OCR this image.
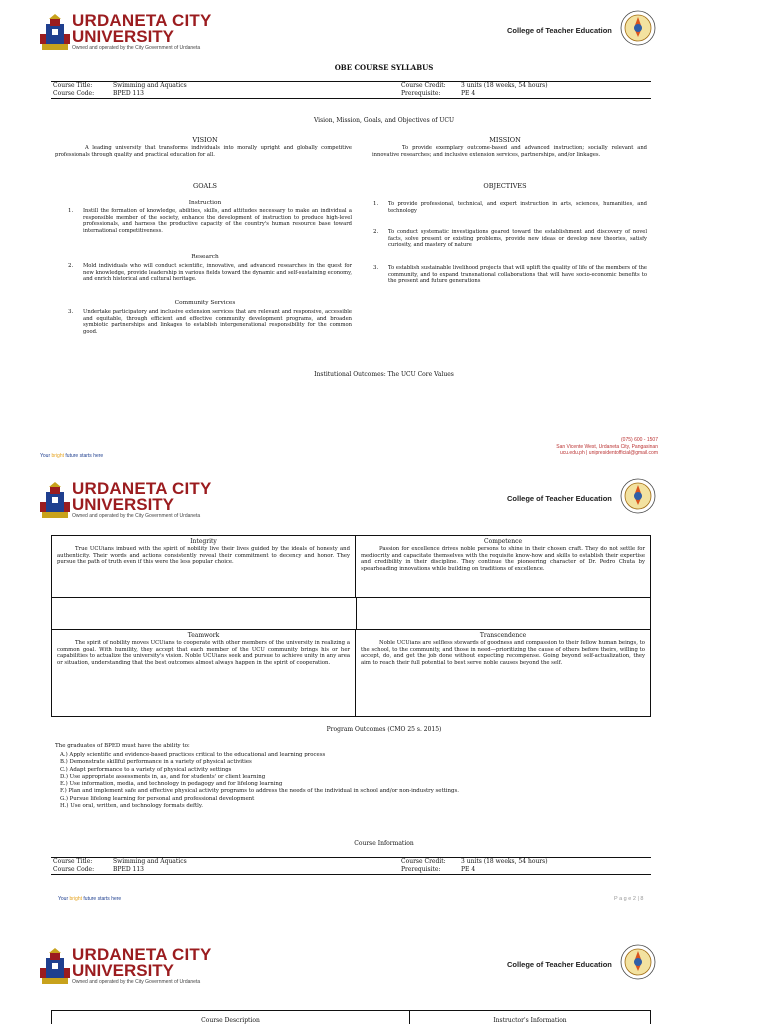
URDANETA CITY
UNIVERSITY
Owned and operated by the City Government of Urdaneta
College of Teacher Education
OBE COURSE SYLLABUS
Course Title:	Swimming and Aquatics	Course Credit:	3 units (18 weeks, 54 hours)
Course Code:	BPED 113	Prerequisite:	PE 4
Vision, Mission, Goals, and Objectives of UCU
VISION
A leading university that transforms individuals into morally upright and globally competitive professionals through quality and practical education for all.
MISSION
To provide exemplary outcome-based and advanced instruction; socially relevant and innovative researches; and inclusive extension services, partnerships, and/or linkages.
GOALS
Instruction
1. Instill the formation of knowledge, abilities, skills, and attitudes necessary to make an individual a responsible member of the society, enhance the development of instruction to produce high-level professionals, and harness the productive capacity of the country's human resource base toward international competitiveness.
Research
2. Mold individuals who will conduct scientific, innovative, and advanced researches in the quest for new knowledge, provide leadership in various fields toward the dynamic and self-sustaining economy, and enrich historical and cultural heritage.
Community Services
3. Undertake participatory and inclusive extension services that are relevant and responsive, accessible and equitable, through efficient and effective community development programs, and broaden symbiotic partnerships and linkages to establish intergenerational responsibility for the common good.
OBJECTIVES
1. To provide professional, technical, and expert instruction in arts, sciences, humanities, and technology
2. To conduct systematic investigations geared toward the establishment and discovery of novel facts, solve present or existing problems, provide new ideas or develop new theories, satisfy curiosity, and mastery of nature
3. To establish sustainable livelihood projects that will uplift the quality of life of the members of the community, and to expand transnational collaborations that will have socio-economic benefits to the present and future generations
Institutional Outcomes: The UCU Core Values
(075) 600 - 1507
San Vicente West, Urdaneta City, Pangasinan
ucu.edu.ph | unipresidentofficial@gmail.com
Your bright future starts here
URDANETA CITY
UNIVERSITY
Owned and operated by the City Government of Urdaneta
College of Teacher Education
Integrity
True UCUians imbued with the spirit of nobility live their lives guided by the ideals of honesty and authenticity. Their words and actions consistently reveal their commitment to decency and honor. They pursue the path of truth even if this were the less popular choice.
Competence
Passion for excellence drives noble persons to shine in their chosen craft. They do not settle for mediocrity and capacitate themselves with the requisite know-how and skills to establish their expertise and credibility in their discipline. They continue the pioneering character of Dr. Pedro Chuta by spearheading innovations while building on traditions of excellence.
Teamwork
The spirit of nobility moves UCUians to cooperate with other members of the university in realizing a common goal. With humility, they accept that each member of the UCU community brings his or her capabilities to actualize the university's vision. Noble UCUians seek and pursue to achieve unity in any area or situation, understanding that the best outcomes almost always happen in the spirit of cooperation.
Transcendence
Noble UCUians are selfless stewards of goodness and compassion to their fellow human beings, to the school, to the community, and those in need—prioritizing the cause of others before theirs, willing to accept, do, and get the job done without expecting recompense. Going beyond self-actualization, they aim to reach their full potential to best serve noble causes beyond the self.
Program Outcomes (CMO 25 s. 2015)
The graduates of BPED must have the ability to:
A.) Apply scientific and evidence-based practices critical to the educational and learning process
B.) Demonstrate skillful performance in a variety of physical activities
C.) Adapt performance to a variety of physical activity settings
D.) Use appropriate assessments in, as, and for students' or client learning
E.) Use information, media, and technology in pedagogy and for lifelong learning
F.) Plan and implement safe and effective physical activity programs to address the needs of the individual in school and/or non-industry settings.
G.) Pursue lifelong learning for personal and professional development
H.) Use oral, written, and technology formats deftly.
Course Information
Course Title:	Swimming and Aquatics	Course Credit:	3 units (18 weeks, 54 hours)
Course Code:	BPED 113	Prerequisite:	PE 4
Your bright future starts here	P a g e 2 | 8
URDANETA CITY
UNIVERSITY
Owned and operated by the City Government of Urdaneta
College of Teacher Education
Course Description	Instructor's Information
